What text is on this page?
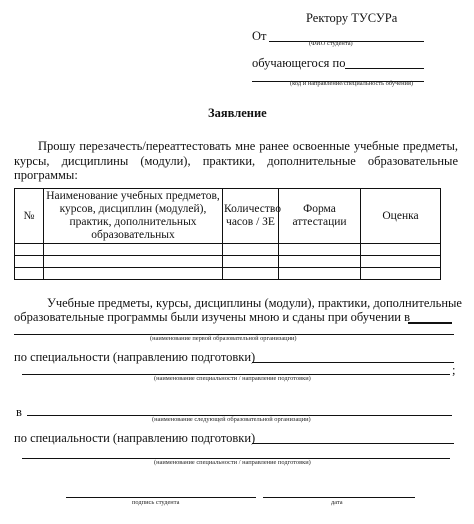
Ректору ТУСУРа
От
(ФИО студента)
обучающегося по
(код и направление/специальность обучения)
Заявление
Прошу перезачесть/переаттестовать мне ранее освоенные учебные предметы,
курсы, дисциплины (модули), практики, дополнительные образовательные
программы:
№	Наименование учебных предметов, курсов, дисциплин (модулей), практик, дополнительных образовательных	Количество часов / ЗЕ	Форма аттестации	Оценка

Учебные предметы, курсы, дисциплины (модули), практики, дополнительные
образовательные программы были изучены мною и сданы при обучении в
(наименование первой образовательной организации)
по специальности (направлению подготовки)
;
(наименование специальности / направление подготовки)
в
(наименование следующей образовательной организации)
по специальности (направлению подготовки)
(наименование специальности / направление подготовки)
подпись студента	дата
